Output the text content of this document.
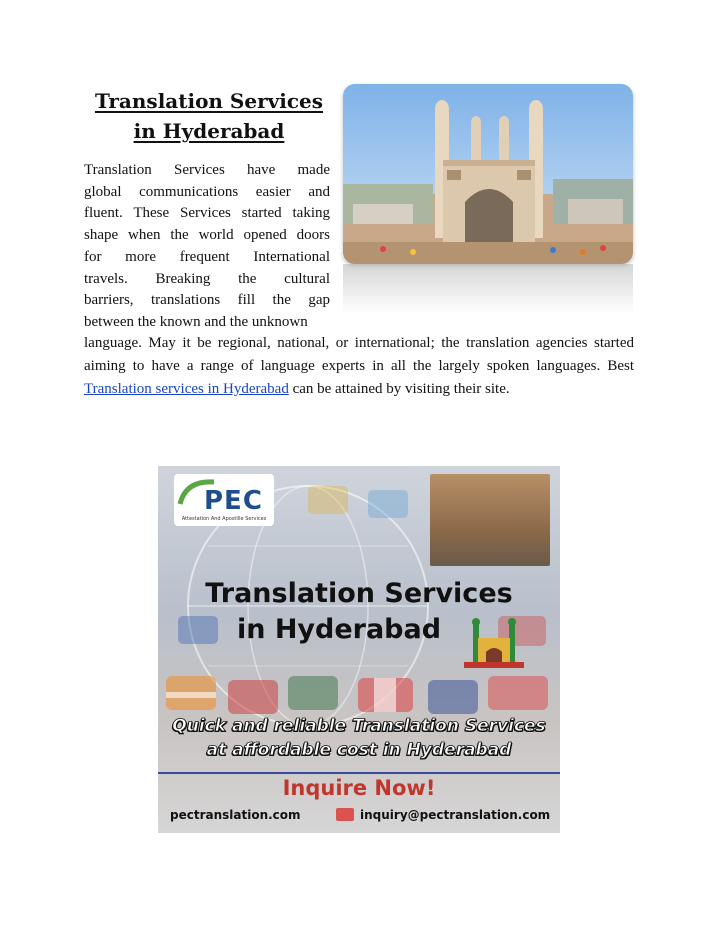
Translation Services
in Hyderabad
Translation Services have made
global communications easier and
fluent. These Services started taking
shape when the world opened doors
for more frequent International
travels. Breaking the cultural
barriers, translations fill the gap

between the known and the unknown
language. May it be regional, national, or international; the translation agencies started aiming to have a range of language experts in all the largely spoken languages. Best Translation services in Hyderabad can be attained by visiting their site.
PEC
Attestation And Apostille Services
Translation Services
in Hyderabad
Quick and reliable Translation Services
at affordable cost in Hyderabad
Inquire Now!
pectranslation.com	inquiry@pectranslation.com
